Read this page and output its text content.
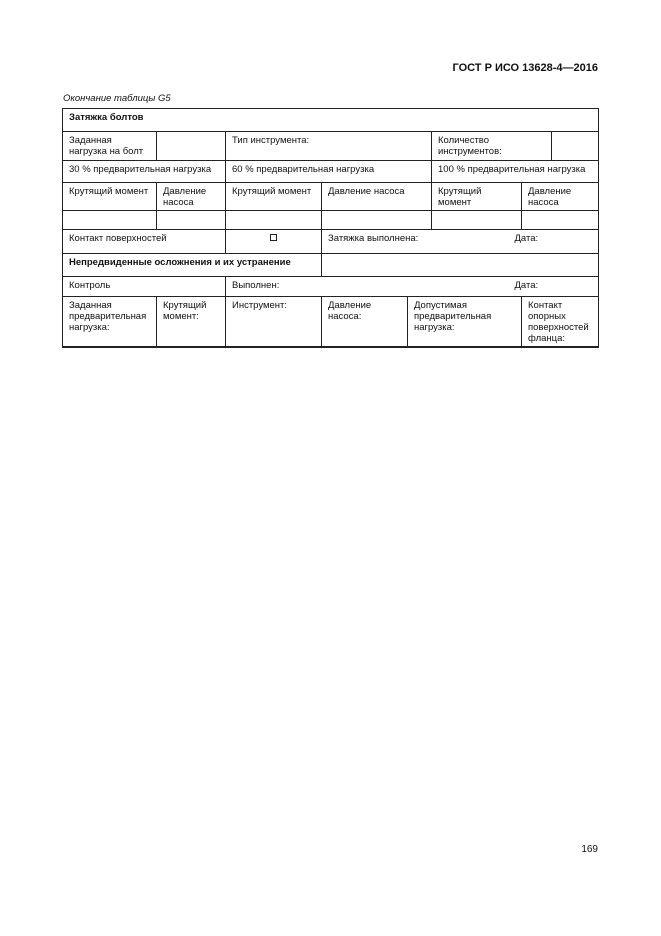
ГОСТ Р ИСО 13628-4—2016
Окончание таблицы G5
Затяжка болтов							
Заданная нагрузка на болт		Тип инструмента:			Количество инструментов:		
30 % предварительная нагрузка		60 % предварительная нагрузка			100 % предварительная нагрузка		
Крутящий момент	Давление насоса	Крутящий момент	Давление насоса		Крутящий момент	Давление насоса	

Контакт поверхностей			Затяжка выполнена: Дата:				

Непредвиденные осложнения и их устранение							
Контроль		Выполнен: Дата:					

Заданная предварительная нагрузка:	Крутящий момент:	Инструмент:	Давление насоса:	Допустимая предварительная нагрузка:		Контакт опорных поверхностей фланца:	
169
